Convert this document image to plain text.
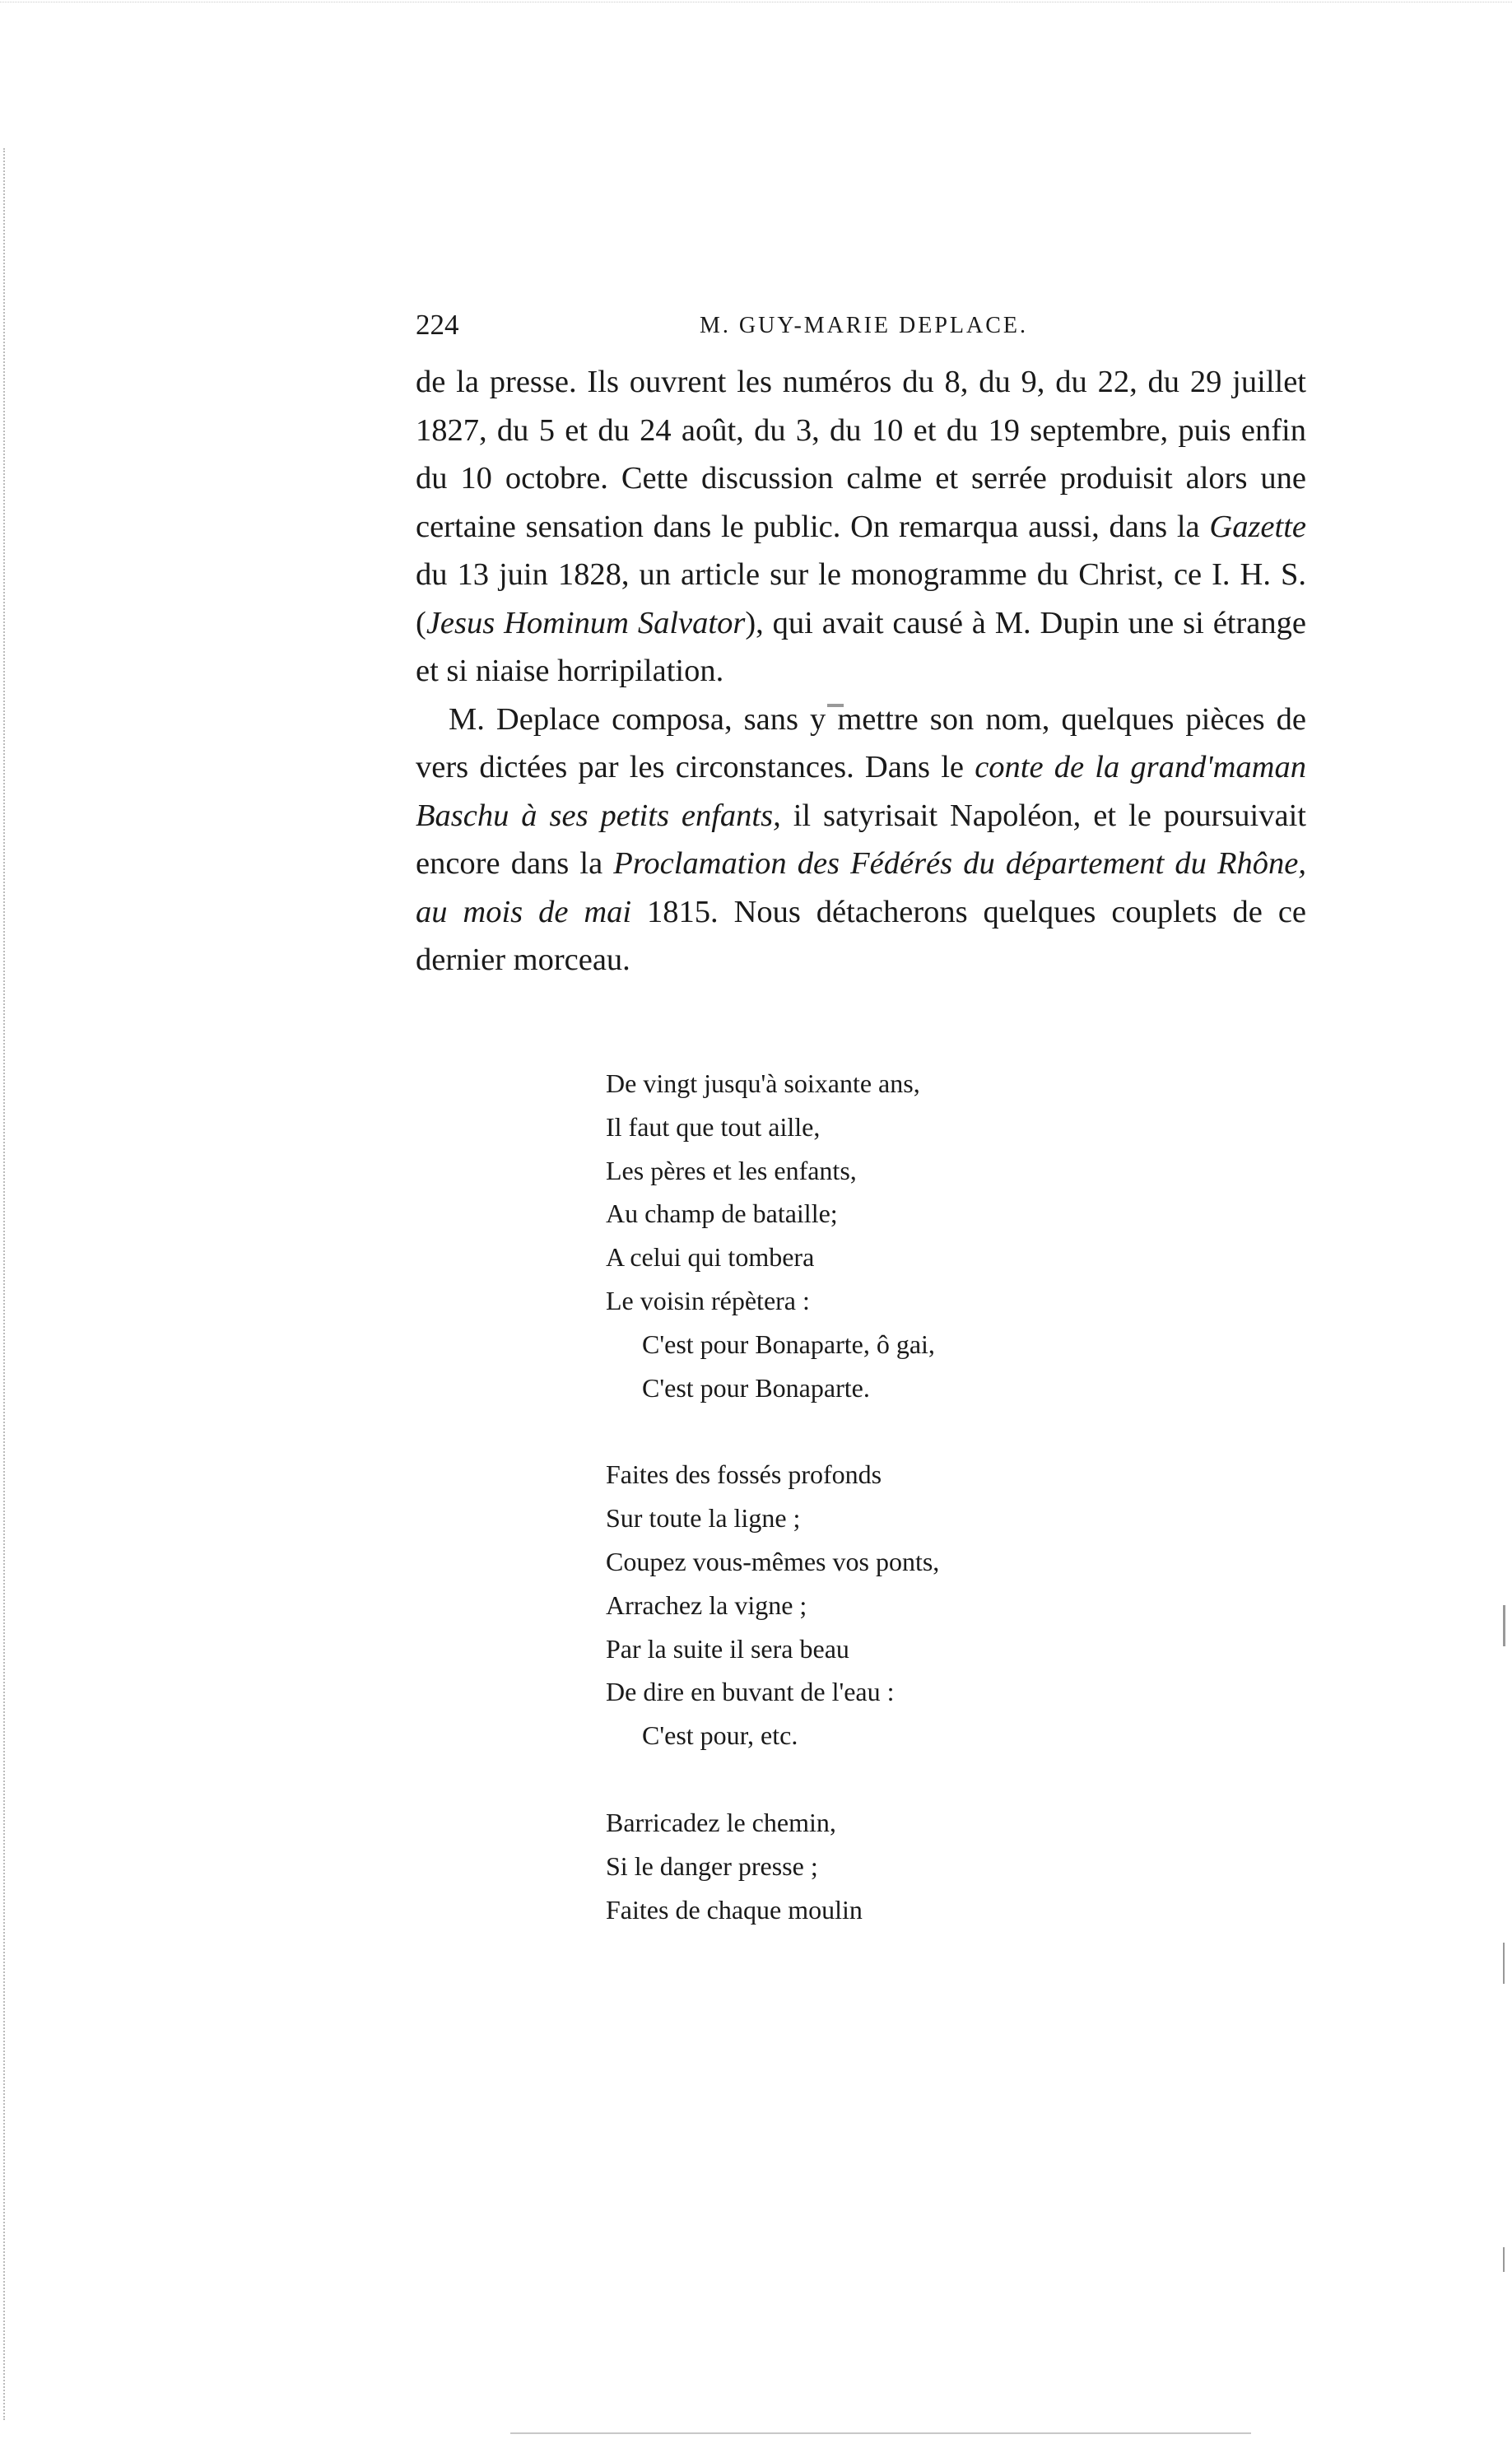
224	M. GUY-MARIE DEPLACE.

de la presse. Ils ouvrent les numéros du 8, du 9, du 22, du 29 juillet 1827, du 5 et du 24 août, du 3, du 10 et du 19 septembre, puis enfin du 10 octobre. Cette discussion calme et serrée produisit alors une certaine sensation dans le public. On remarqua aussi, dans la Gazette du 13 juin 1828, un article sur le monogramme du Christ, ce I. H. S. (Jesus Hominum Salvator), qui avait causé à M. Dupin une si étrange et si niaise horripilation.

M. Deplace composa, sans y mettre son nom, quelques pièces de vers dictées par les circonstances. Dans le conte de la grand'maman Baschu à ses petits enfants, il satyrisait Napoléon, et le poursuivait encore dans la Proclamation des Fédérés du département du Rhône, au mois de mai 1815. Nous détacherons quelques couplets de ce dernier morceau.

De vingt jusqu'à soixante ans,
Il faut que tout aille,
Les pères et les enfants,
Au champ de bataille;
A celui qui tombera
Le voisin répètera :
C'est pour Bonaparte, ô gai,
C'est pour Bonaparte.
Faites des fossés profonds
Sur toute la ligne ;
Coupez vous-mêmes vos ponts,
Arrachez la vigne ;
Par la suite il sera beau
De dire en buvant de l'eau :
C'est pour, etc.
Barricadez le chemin,
Si le danger presse ;
Faites de chaque moulin
